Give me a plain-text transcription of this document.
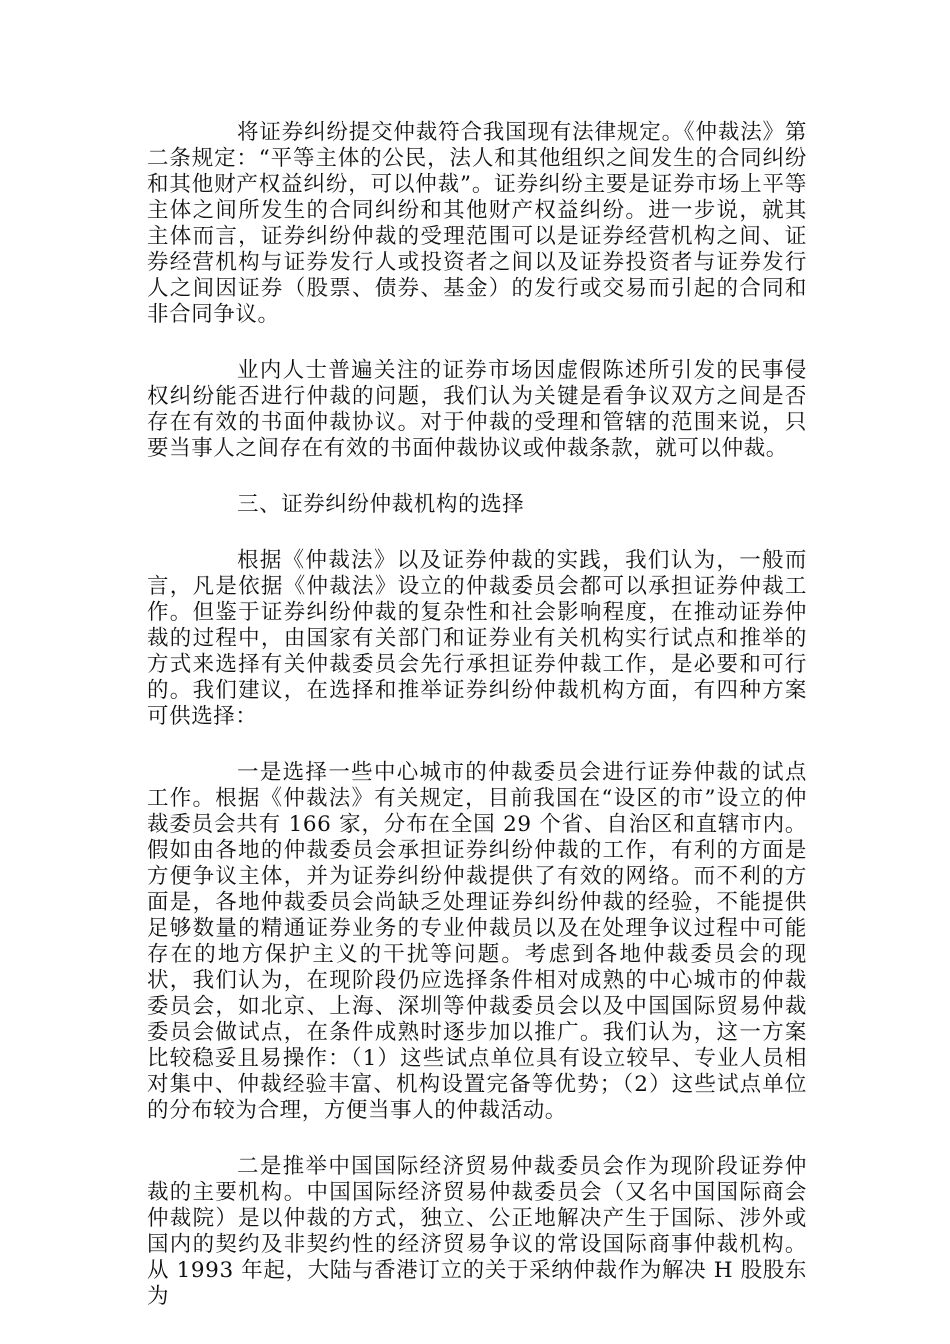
将证券纠纷提交仲裁符合我国现有法律规定。《仲裁法》第二条规定：“平等主体的公民，法人和其他组织之间发生的合同纠纷和其他财产权益纠纷，可以仲裁”。证券纠纷主要是证券市场上平等主体之间所发生的合同纠纷和其他财产权益纠纷。进一步说，就其主体而言，证券纠纷仲裁的受理范围可以是证券经营机构之间、证券经营机构与证券发行人或投资者之间以及证券投资者与证券发行人之间因证券（股票、债券、基金）的发行或交易而引起的合同和非合同争议。

业内人士普遍关注的证券市场因虚假陈述所引发的民事侵权纠纷能否进行仲裁的问题，我们认为关键是看争议双方之间是否存在有效的书面仲裁协议。对于仲裁的受理和管辖的范围来说，只要当事人之间存在有效的书面仲裁协议或仲裁条款，就可以仲裁。

三、证券纠纷仲裁机构的选择

根据《仲裁法》以及证券仲裁的实践，我们认为，一般而言，凡是依据《仲裁法》设立的仲裁委员会都可以承担证券仲裁工作。但鉴于证券纠纷仲裁的复杂性和社会影响程度，在推动证券仲裁的过程中，由国家有关部门和证券业有关机构实行试点和推举的方式来选择有关仲裁委员会先行承担证券仲裁工作，是必要和可行的。我们建议，在选择和推举证券纠纷仲裁机构方面，有四种方案可供选择：

一是选择一些中心城市的仲裁委员会进行证券仲裁的试点工作。根据《仲裁法》有关规定，目前我国在“设区的市”设立的仲裁委员会共有 166 家，分布在全国 29 个省、自治区和直辖市内。假如由各地的仲裁委员会承担证券纠纷仲裁的工作，有利的方面是方便争议主体，并为证券纠纷仲裁提供了有效的网络。而不利的方面是，各地仲裁委员会尚缺乏处理证券纠纷仲裁的经验，不能提供足够数量的精通证券业务的专业仲裁员以及在处理争议过程中可能存在的地方保护主义的干扰等问题。考虑到各地仲裁委员会的现状，我们认为，在现阶段仍应选择条件相对成熟的中心城市的仲裁委员会，如北京、上海、深圳等仲裁委员会以及中国国际贸易仲裁委员会做试点，在条件成熟时逐步加以推广。我们认为，这一方案比较稳妥且易操作：（1）这些试点单位具有设立较早、专业人员相对集中、仲裁经验丰富、机构设置完备等优势；（2）这些试点单位的分布较为合理，方便当事人的仲裁活动。

二是推举中国国际经济贸易仲裁委员会作为现阶段证券仲裁的主要机构。中国国际经济贸易仲裁委员会（又名中国国际商会仲裁院）是以仲裁的方式，独立、公正地解决产生于国际、涉外或国内的契约及非契约性的经济贸易争议的常设国际商事仲裁机构。从 1993 年起，大陆与香港订立的关于采纳仲裁作为解决 H 股股东为
